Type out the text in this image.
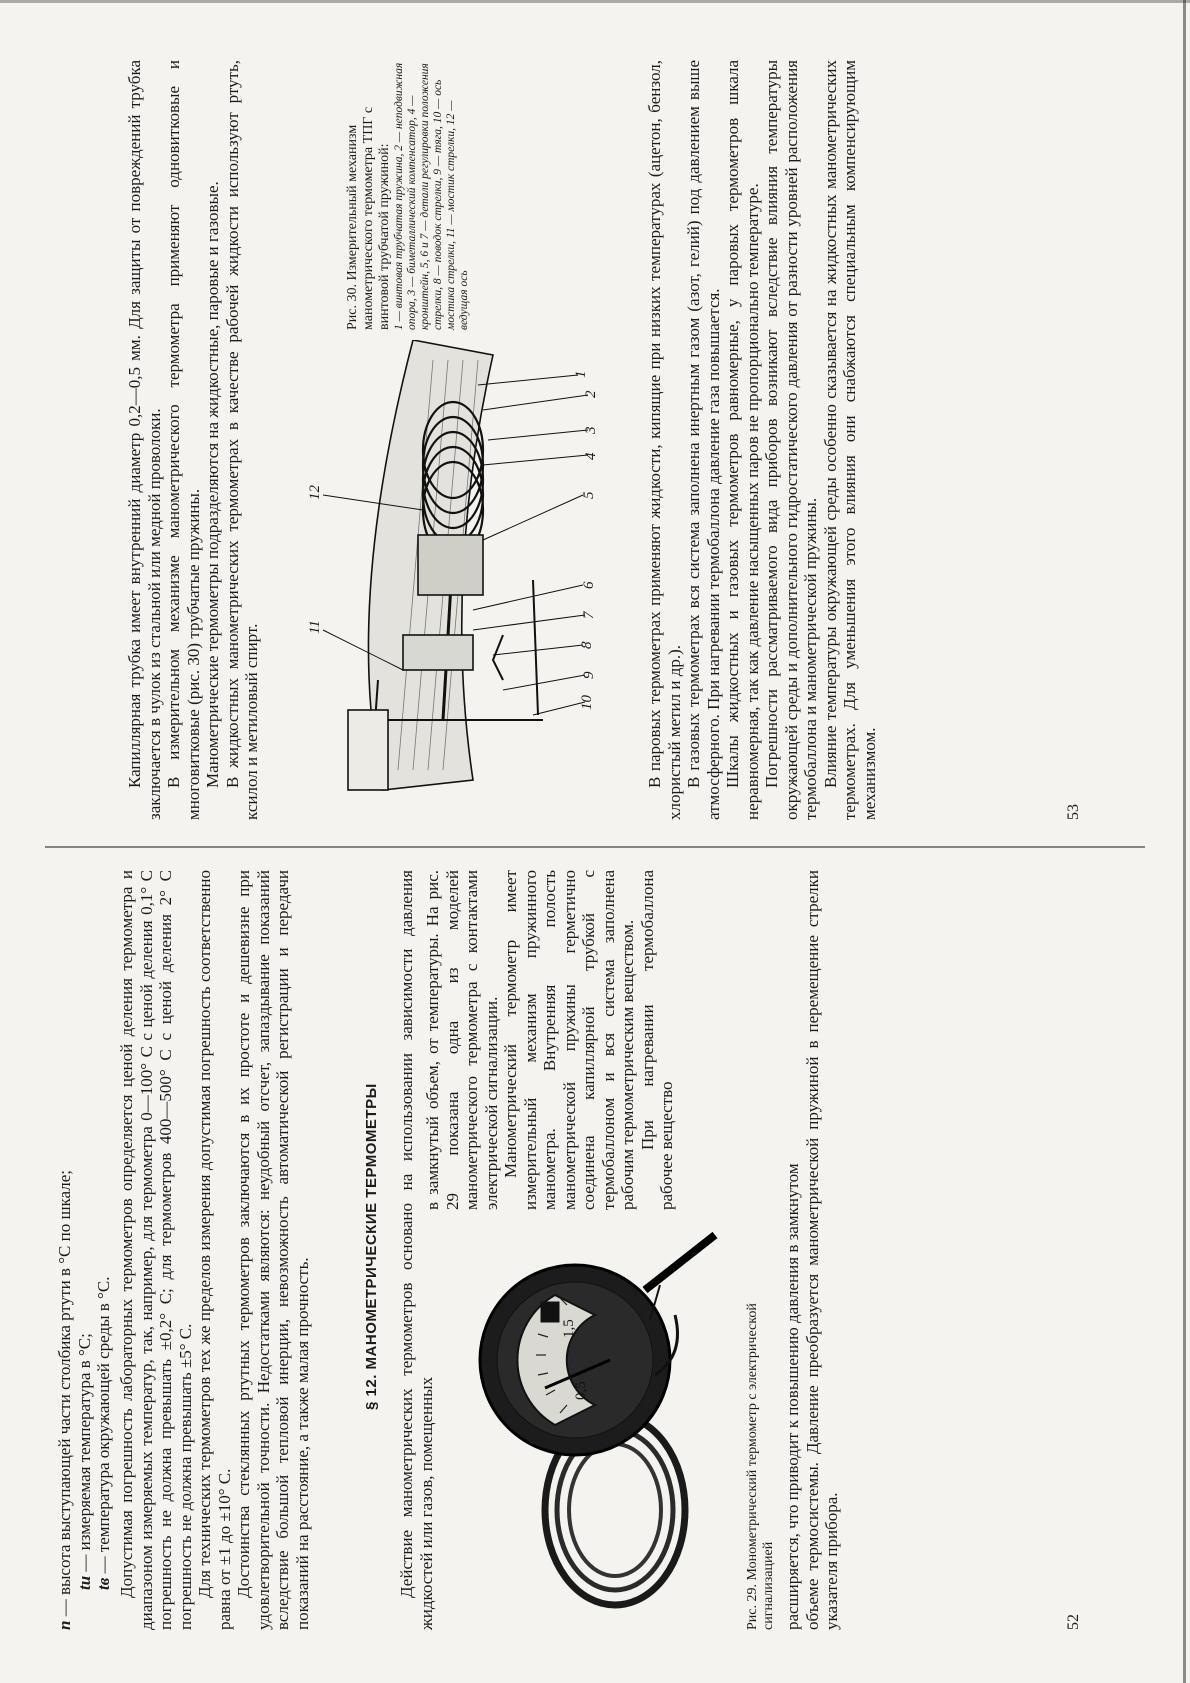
n — высота выступающей части столбика ртути в °С по шкале; tи — измеряемая температура в °С;
tв — температура окружающей среды в °С. Допустимая погрешность лабораторных термометров определяется ценой деления термометра и диапазоном измеряемых температур, так, например, для термометра 0—100° С с ценой деления 0,1° С погрешность не должна превышать ±0,2° С; для термометров 400—500° С с ценой деления 2° С погрешность не должна превышать ±5° С. Для технических термометров тех же пределов измерения допустимая погрешность соответственно равна от ±1 до ±10° С. Достоинства стеклянных ртутных термометров заключаются в их простоте и дешевизне при удовлетворительной точности. Недостатками являются: неудобный отсчет, запаздывание показаний вследствие большой тепловой инерции, невозможность автоматической регистрации и передачи показаний на расстояние, а также малая прочность.

§ 12. МАНОМЕТРИЧЕСКИЕ ТЕРМОМЕТРЫ Действие манометрических термометров основано на использовании зависимости давления жидкостей или газов, помещенных	0,5
1,5

в замкнутый объем, от температуры. На рис. 29 показана одна из моделей манометрического термометра с контактами электрической сигнализации. Манометрический термометр имеет измерительный механизм пружинного манометра. Внутренняя полость манометрической пружины герметично соединена капиллярной трубкой с термобаллоном и вся система заполнена рабочим термометрическим веществом. При нагревании термобаллона рабочее вещество

Рис. 29. Монометрический термометр с электрической сигнализацией расширяется, что приводит к повышению давления в замкнутом объеме термосистемы. Давление преобразуется манометрической пружиной в перемещение стрелки указателя прибора.	52

Капиллярная трубка имеет внутренний диаметр 0,2—0,5 мм. Для защиты от повреждений трубка заключается в чулок из стальной или медной проволоки. В измерительном механизме манометрического термометра применяют одновитковые и многовитковые (рис. 30) трубчатые пружины. Манометрические термометры подразделяются на жидкостные, паровые и газовые. В жидкостных манометрических термометрах в качестве рабочей жидкости используют ртуть, ксилол и метиловый спирт.

1
2
3
4
5
6
7
8
9
10
11
12

Рис. 30. Измерительный механизм манометрического термометра ТПГ с винтовой трубчатой пружиной: 1 — винтовая трубчатая пружина, 2 — неподвижная опора, 3 — биметаллический компенсатор, 4 — кронштейн, 5, 6 и 7 — детали регулировки положения стрелки, 8 — поводок стрелки, 9 — тяга, 10 — ось мостика стрелки, 11 — мостик стрелки, 12 — ведущая ось	В паровых термометрах применяют жидкости, кипящие при низких температурах (ацетон, бензол, хлористый метил и др.). В газовых термометрах вся система заполнена инертным газом (азот, гелий) под давлением выше атмосферного. При нагревании термобаллона давление газа повышается. Шкалы жидкостных и газовых термометров равномерные, у паровых термометров шкала неравномерная, так как давление насыщенных паров не пропорционально температуре. Погрешности рассматриваемого вида приборов возникают вследствие влияния температуры окружающей среды и дополнительного гидростатического давления от разности уровней расположения термобаллона и манометрической пружины. Влияние температуры окружающей среды особенно сказывается на жидкостных манометрических термометрах. Для уменьшения этого влияния они снабжаются специальным компенсирующим механизмом.	53
